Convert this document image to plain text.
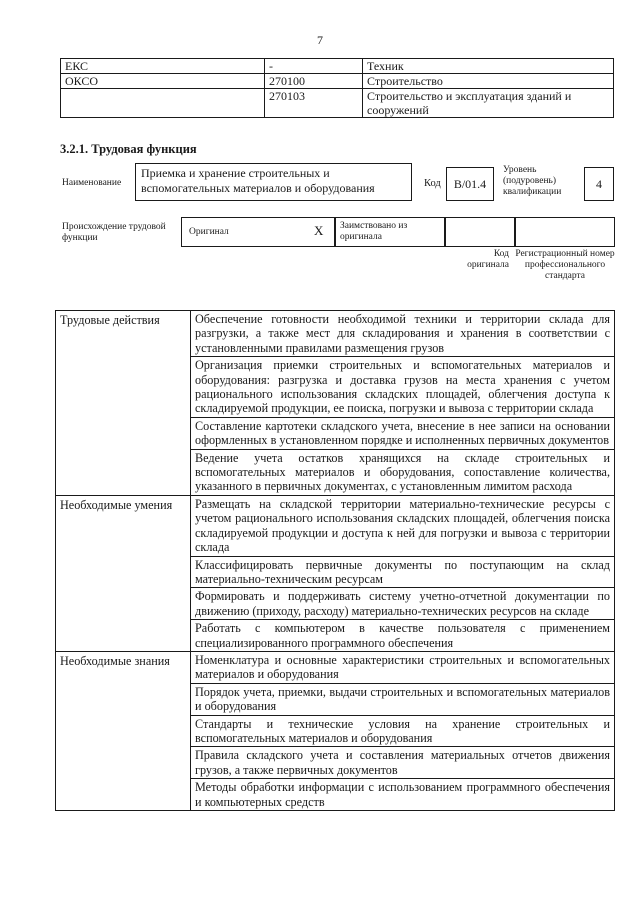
7
ЕКС	-	Техник
ОКСО	270100	Строительство
	270103	Строительство и эксплуатация зданий и сооружений
3.2.1. Трудовая функция
Наименование
Приемка и хранение строительных и вспомогательных материалов и оборудования	Код	B/01.4
Уровень (подуровень) квалификации
4
Происхождение трудовой функции
Оригинал	X Заимствовано из оригинала
Код оригинала
Регистрационный номер профессионального стандарта
Трудовые действия	Обеспечение готовности необходимой техники и территории склада для разгрузки, а также мест для складирования и хранения в соответствии с установленными правилами размещения грузов
	Организация приемки строительных и вспомогательных материалов и оборудования: разгрузка и доставка грузов на места хранения с учетом рационального использования складских площадей, облегчения доступа к складируемой продукции, ее поиска, погрузки и вывоза с территории склада
	Составление картотеки складского учета, внесение в нее записи на основании оформленных в установленном порядке и исполненных первичных документов
	Ведение учета остатков хранящихся на складе строительных и вспомогательных материалов и оборудования, сопоставление количества, указанного в первичных документах, с установленным лимитом расхода
Необходимые умения	Размещать на складской территории материально-технические ресурсы с учетом рационального использования складских площадей, облегчения поиска складируемой продукции и доступа к ней для погрузки и вывоза с территории склада
	Классифицировать первичные документы по поступающим на склад материально-техническим ресурсам
	Формировать и поддерживать систему учетно-отчетной документации по движению (приходу, расходу) материально-технических ресурсов на складе
	Работать с компьютером в качестве пользователя с применением специализированного программного обеспечения
Необходимые знания	Номенклатура и основные характеристики строительных и вспомогательных материалов и оборудования
	Порядок учета, приемки, выдачи строительных и вспомогательных материалов и оборудования
	Стандарты и технические условия на хранение строительных и вспомогательных материалов и оборудования
	Правила складского учета и составления материальных отчетов движения грузов, а также первичных документов
	Методы обработки информации с использованием программного обеспечения и компьютерных средств
